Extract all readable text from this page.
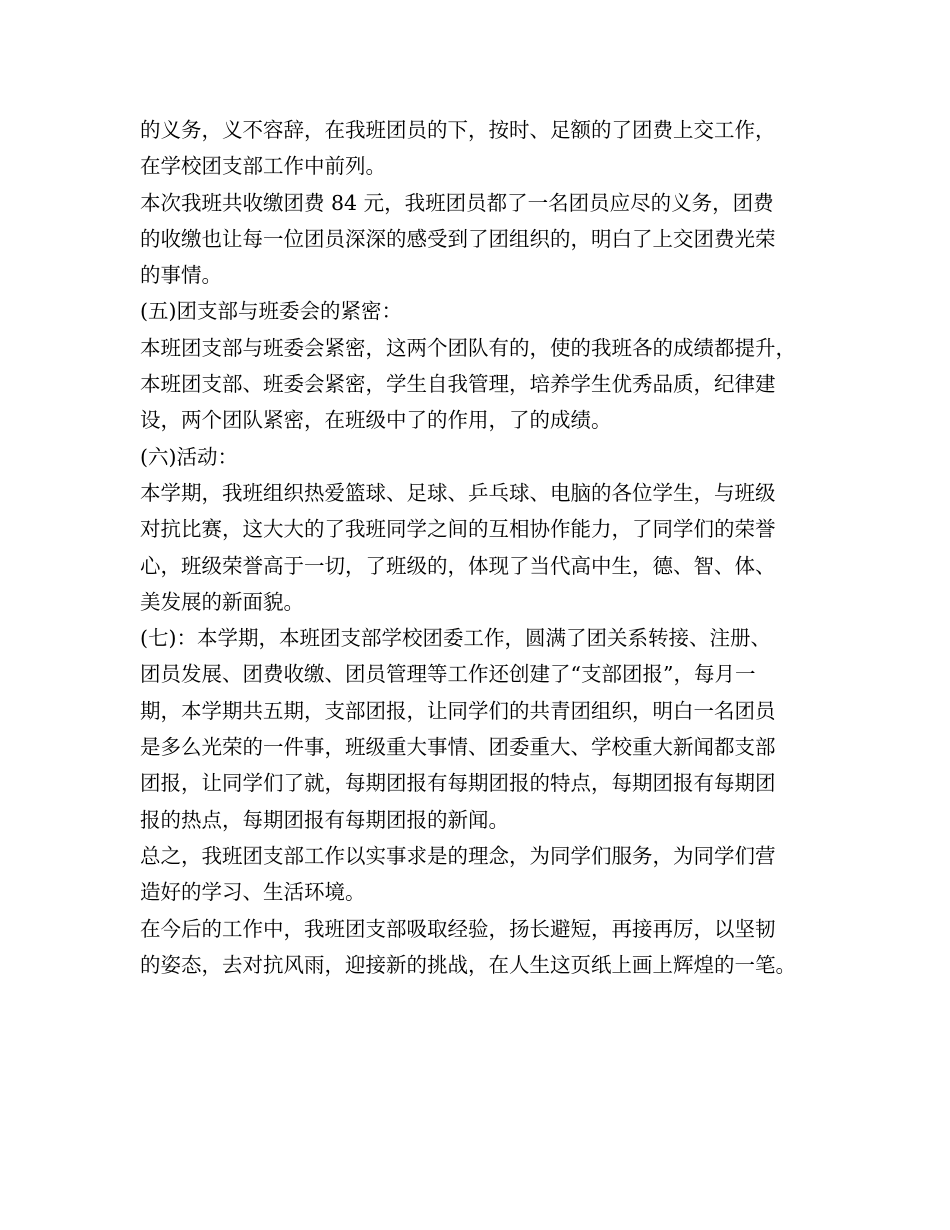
的义务，义不容辞，在我班团员的下，按时、足额的了团费上交工作，
在学校团支部工作中前列。
本次我班共收缴团费 84 元，我班团员都了一名团员应尽的义务，团费
的收缴也让每一位团员深深的感受到了团组织的，明白了上交团费光荣
的事情。
(五)团支部与班委会的紧密：
本班团支部与班委会紧密，这两个团队有的，使的我班各的成绩都提升，
本班团支部、班委会紧密，学生自我管理，培养学生优秀品质，纪律建
设，两个团队紧密，在班级中了的作用，了的成绩。
(六)活动：
本学期，我班组织热爱篮球、足球、乒乓球、电脑的各位学生，与班级
对抗比赛，这大大的了我班同学之间的互相协作能力，了同学们的荣誉
心，班级荣誉高于一切，了班级的，体现了当代高中生，德、智、体、
美发展的新面貌。
(七)：本学期，本班团支部学校团委工作，圆满了团关系转接、注册、
团员发展、团费收缴、团员管理等工作还创建了“支部团报”，每月一
期，本学期共五期，支部团报，让同学们的共青团组织，明白一名团员
是多么光荣的一件事，班级重大事情、团委重大、学校重大新闻都支部
团报，让同学们了就，每期团报有每期团报的特点，每期团报有每期团
报的热点，每期团报有每期团报的新闻。
总之，我班团支部工作以实事求是的理念，为同学们服务，为同学们营
造好的学习、生活环境。
在今后的工作中，我班团支部吸取经验，扬长避短，再接再厉，以坚韧
的姿态，去对抗风雨，迎接新的挑战，在人生这页纸上画上辉煌的一笔。
